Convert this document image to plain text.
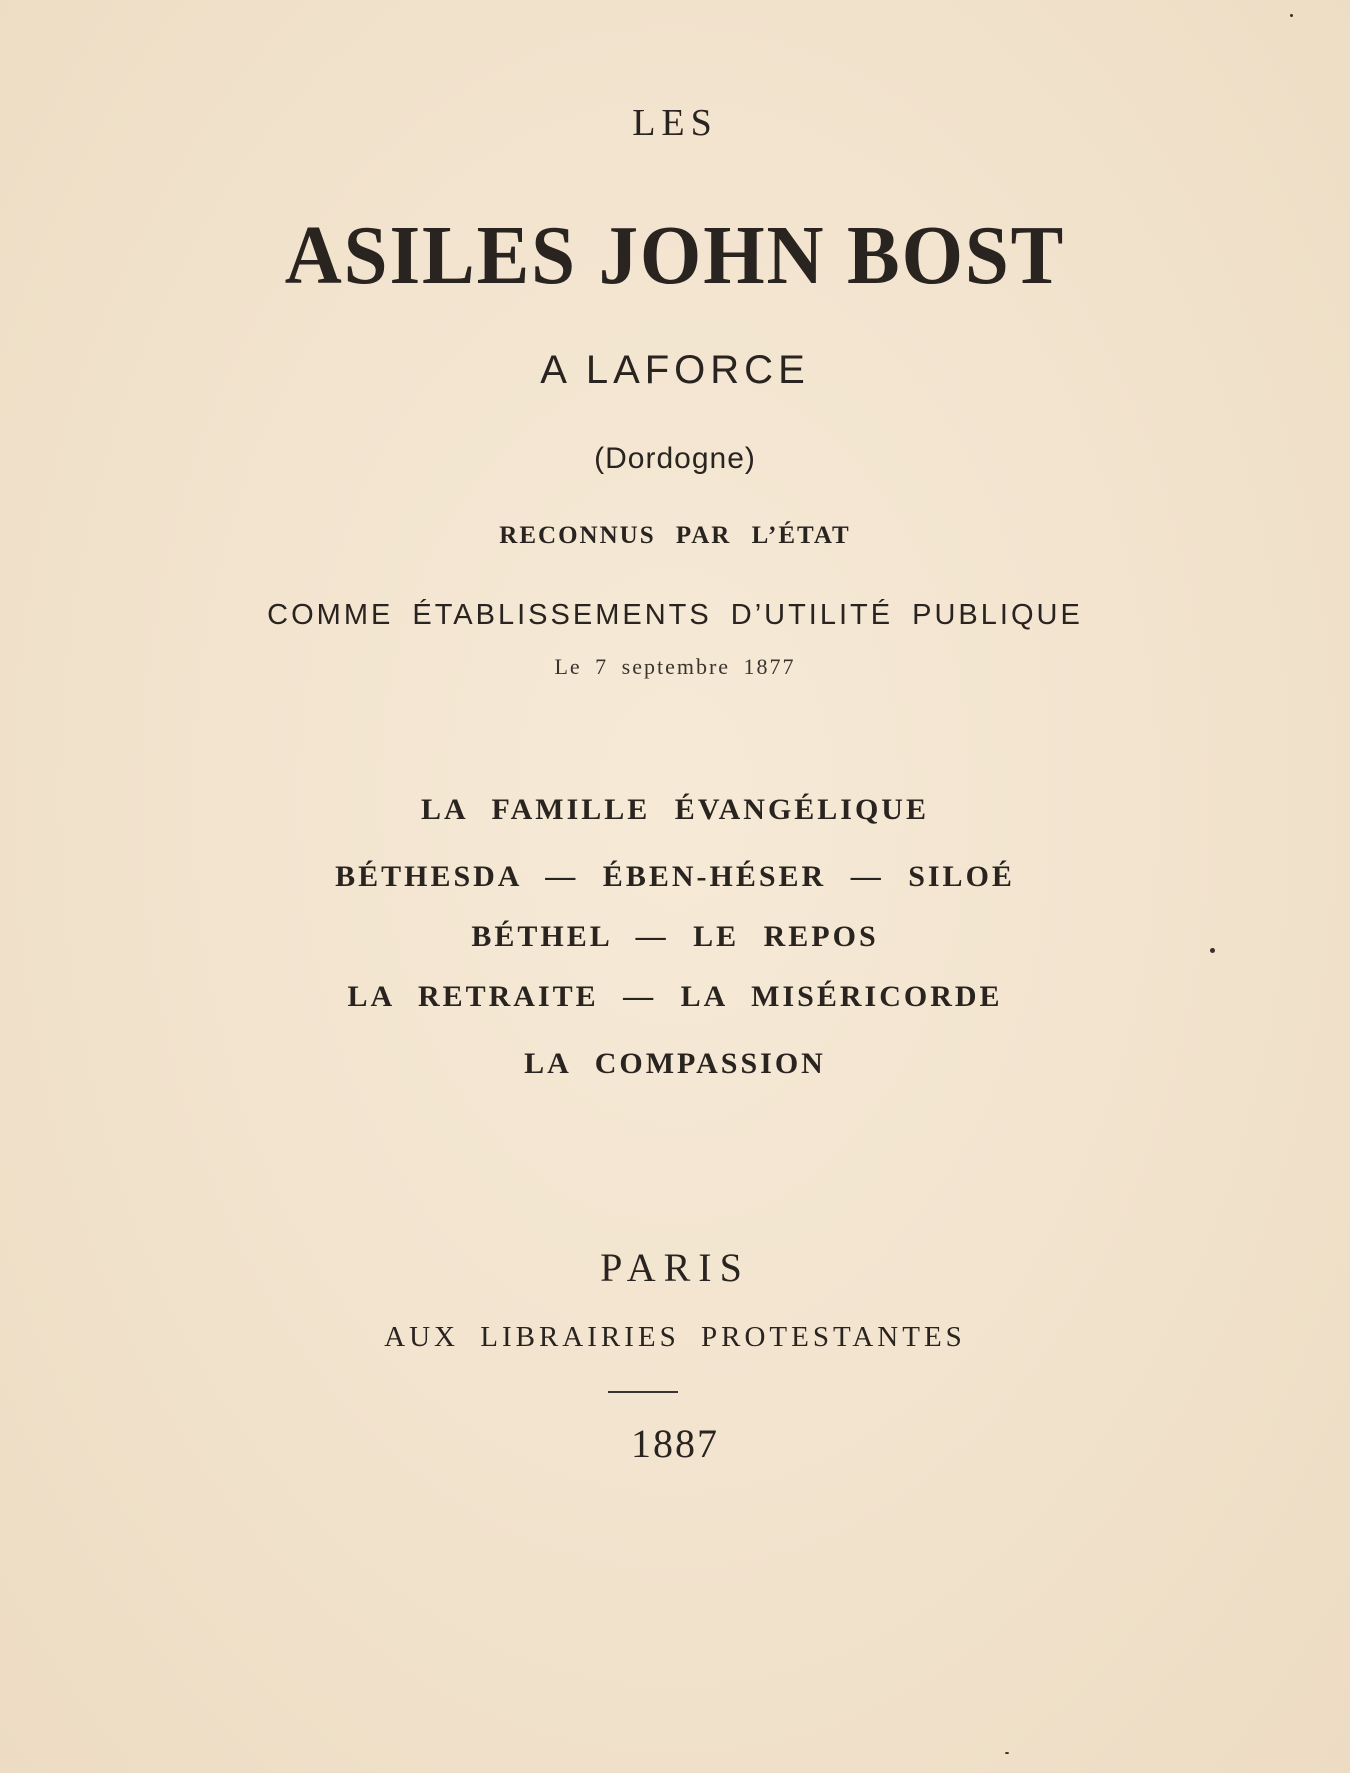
LES
ASILES JOHN BOST
A LAFORCE
(Dordogne)
RECONNUS PAR L’ÉTAT
COMME ÉTABLISSEMENTS D’UTILITÉ PUBLIQUE
Le 7 septembre 1877
LA FAMILLE ÉVANGÉLIQUE
BÉTHESDA — ÉBEN-HÉSER — SILOÉ
BÉTHEL — LE REPOS
LA RETRAITE — LA MISÉRICORDE
LA COMPASSION
PARIS
AUX LIBRAIRIES PROTESTANTES
1887
